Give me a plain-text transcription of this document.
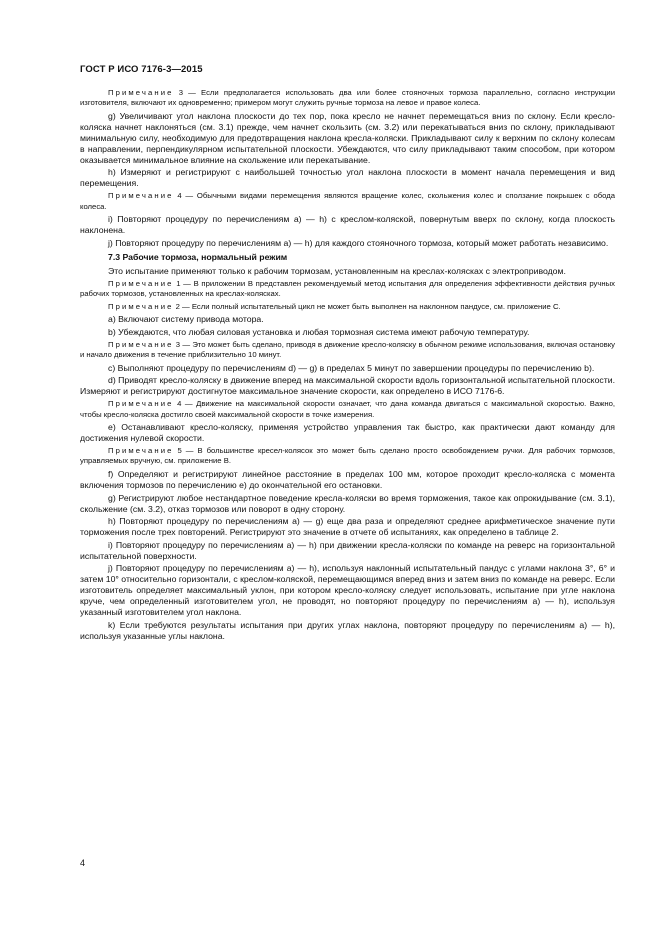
ГОСТ Р ИСО 7176-3—2015

Примечание 3 — Если предполагается использовать два или более стояночных тормоза параллельно, согласно инструкции изготовителя, включают их одновременно; примером могут служить ручные тормоза на левое и правое колеса.

g) Увеличивают угол наклона плоскости до тех пор, пока кресло не начнет перемещаться вниз по склону. Если кресло-коляска начнет наклоняться (см. 3.1) прежде, чем начнет скользить (см. 3.2) или перекатываться вниз по склону, прикладывают минимальную силу, необходимую для предотвращения наклона кресла-коляски. Прикладывают силу к верхним по склону колесам в направлении, перпендикулярном испытательной плоскости. Убеждаются, что силу прикладывают таким способом, при котором оказывается минимальное влияние на скольжение или перекатывание.

h) Измеряют и регистрируют с наибольшей точностью угол наклона плоскости в момент начала перемещения и вид перемещения.

Примечание 4 — Обычными видами перемещения являются вращение колес, скольжения колес и сползание покрышек с обода колеса.

i) Повторяют процедуру по перечислениям а) — h) с креслом-коляской, повернутым вверх по склону, когда плоскость наклонена.

j) Повторяют процедуру по перечислениям а) — h) для каждого стояночного тормоза, который может работать независимо.

7.3 Рабочие тормоза, нормальный режим

Это испытание применяют только к рабочим тормозам, установленным на креслах-колясках с электроприводом.

Примечание 1 — В приложении В представлен рекомендуемый метод испытания для определения эффективности действия ручных рабочих тормозов, установленных на креслах-колясках.

Примечание 2 — Если полный испытательный цикл не может быть выполнен на наклонном пандусе, см. приложение С.

а) Включают систему привода мотора.

b) Убеждаются, что любая силовая установка и любая тормозная система имеют рабочую температуру.

Примечание 3 — Это может быть сделано, приводя в движение кресло-коляску в обычном режиме использования, включая остановку и начало движения в течение приблизительно 10 минут.

с) Выполняют процедуру по перечислениям d) — g) в пределах 5 минут по завершении процедуры по перечислению b).

d) Приводят кресло-коляску в движение вперед на максимальной скорости вдоль горизонтальной испытательной плоскости. Измеряют и регистрируют достигнутое максимальное значение скорости, как определено в ИСО 7176-6.

Примечание 4 — Движение на максимальной скорости означает, что дана команда двигаться с максимальной скоростью. Важно, чтобы кресло-коляска достигло своей максимальной скорости в точке измерения.

е) Останавливают кресло-коляску, применяя устройство управления так быстро, как практически дают команду для достижения нулевой скорости.

Примечание 5 — В большинстве кресел-колясок это может быть сделано просто освобождением ручки. Для рабочих тормозов, управляемых вручную, см. приложение В.

f) Определяют и регистрируют линейное расстояние в пределах 100 мм, которое проходит кресло-коляска с момента включения тормозов по перечислению е) до окончательной его остановки.

g) Регистрируют любое нестандартное поведение кресла-коляски во время торможения, такое как опрокидывание (см. 3.1), скольжение (см. 3.2), отказ тормозов или поворот в одну сторону.

h) Повторяют процедуру по перечислениям а) — g) еще два раза и определяют среднее арифметическое значение пути торможения после трех повторений. Регистрируют это значение в отчете об испытаниях, как определено в таблице 2.

i) Повторяют процедуру по перечислениям а) — h) при движении кресла-коляски по команде на реверс на горизонтальной испытательной поверхности.

j) Повторяют процедуру по перечислениям а) — h), используя наклонный испытательный пандус с углами наклона 3°, 6° и затем 10° относительно горизонтали, с креслом-коляской, перемещающимся вперед вниз и затем вниз по команде на реверс. Если изготовитель определяет максимальный уклон, при котором кресло-коляску следует использовать, испытание при угле наклона круче, чем определенный изготовителем угол, не проводят, но повторяют процедуру по перечислениям а) — h), используя указанный изготовителем угол наклона.

k) Если требуются результаты испытания при других углах наклона, повторяют процедуру по перечислениям а) — h), используя указанные углы наклона.

4
